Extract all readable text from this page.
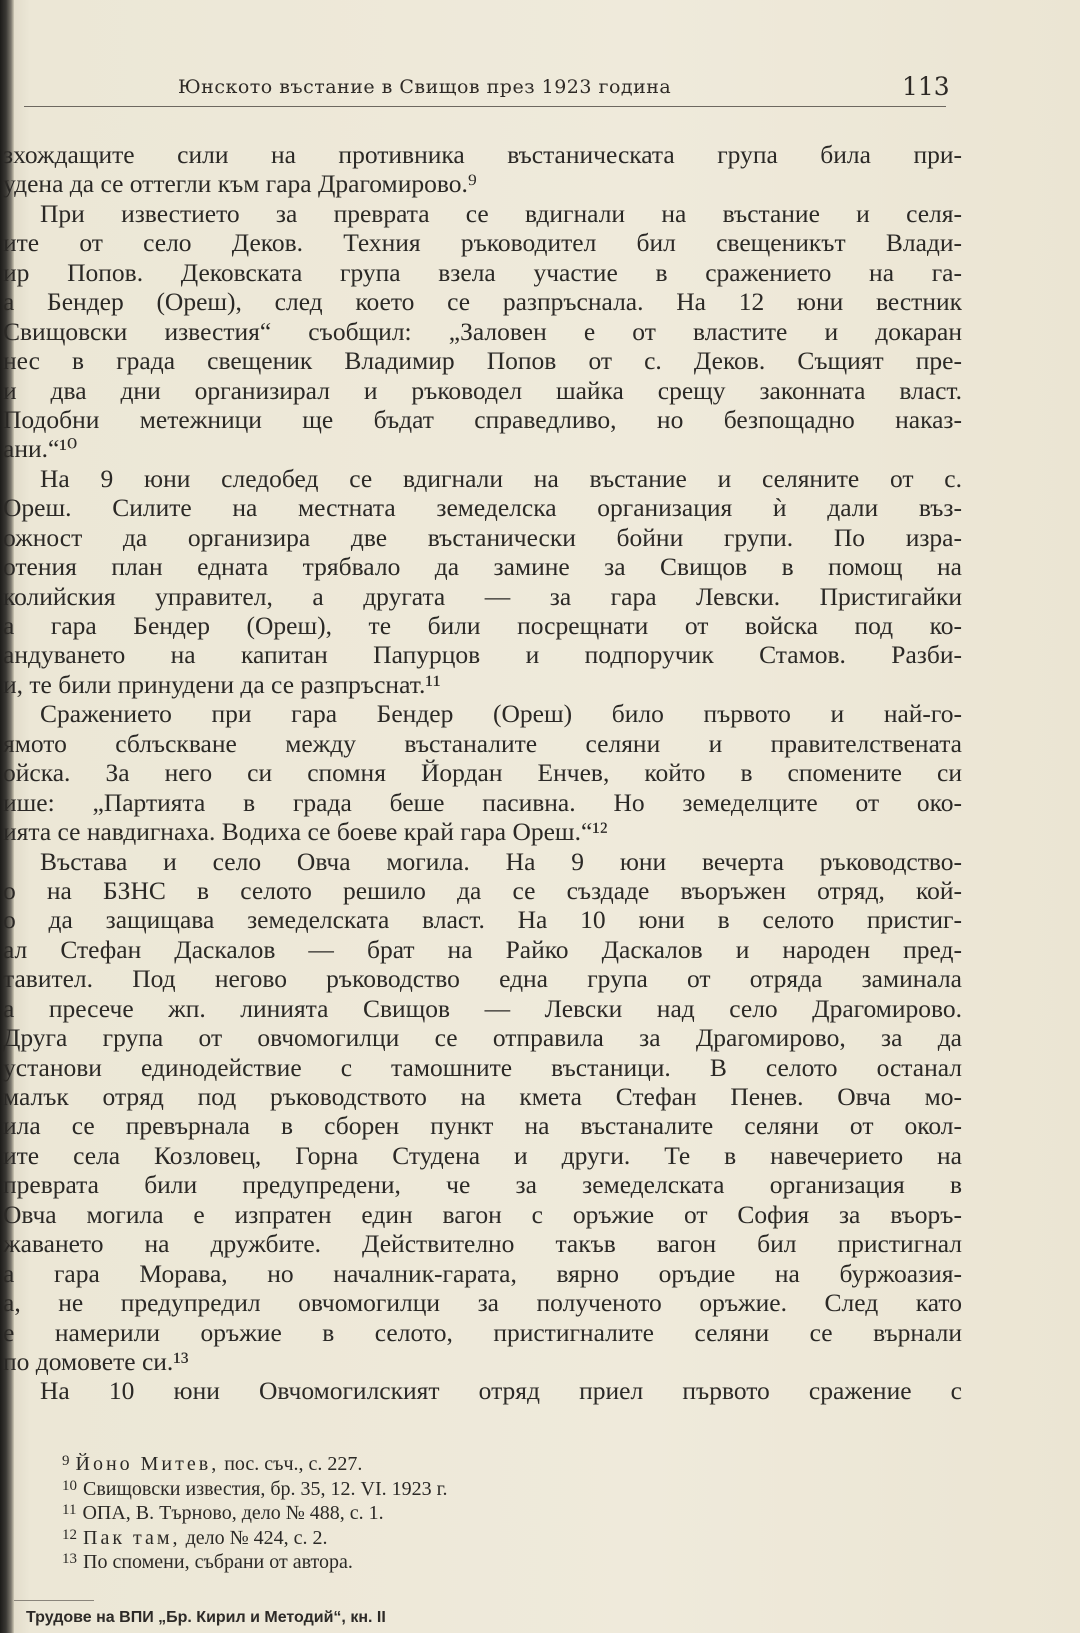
Юнското въстание в Свищов през 1923 година	113
зхождащите сили на противника въстаническата група била при-
удена да се оттегли към гара Драгомирово.⁹
При известието за преврата се вдигнали на въстание и селя-
ите от село Деков. Техния ръководител бил свещеникът Влади-
ир Попов. Дековската група взела участие в сражението на га-
а Бендер (Ореш), след което се разпръснала. На 12 юни вестник
Свищовски известия“ съобщил: „Заловен е от властите и докаран
нес в града свещеник Владимир Попов от с. Деков. Същият пре-
и два дни организирал и ръководел шайка срещу законната власт.
Подобни метежници ще бъдат справедливо, но безпощадно наказ-
ани.“¹⁰
На 9 юни следобед се вдигнали на въстание и селяните от с.
Ореш. Силите на местната земеделска организация ѝ дали въз-
ожност да организира две въстанически бойни групи. По изра-
отения план едната трябвало да замине за Свищов в помощ на
колийския управител, а другата — за гара Левски. Пристигайки
а гара Бендер (Ореш), те били посрещнати от войска под ко-
андуването на капитан Папурцов и подпоручик Стамов. Разби-
и, те били принудени да се разпръснат.¹¹
Сражението при гара Бендер (Ореш) било първото и най-го-
ямото сблъскване между въстаналите селяни и правителствената
ойска. За него си спомня Йордан Енчев, който в спомените си
ише: „Партията в града беше пасивна. Но земеделците от око-
ията се навдигнаха. Водиха се боеве край гара Ореш.“¹²
Въстава и село Овча могила. На 9 юни вечерта ръководство-
о на БЗНС в селото решило да се създаде въоръжен отряд, кой-
о да защищава земеделската власт. На 10 юни в селото пристиг-
ал Стефан Даскалов — брат на Райко Даскалов и народен пред-
тавител. Под негово ръководство една група от отряда заминала
а пресече жп. линията Свищов — Левски над село Драгомирово.
Друга група от овчомогилци се отправила за Драгомирово, за да
установи единодействие с тамошните въстаници. В селото останал
малък отряд под ръководството на кмета Стефан Пенев. Овча мо-
ила се превърнала в сборен пункт на въстаналите селяни от окол-
ите села Козловец, Горна Студена и други. Те в навечерието на
преврата били предупредени, че за земеделската организация в
Овча могила е изпратен един вагон с оръжие от София за въоръ-
жаването на дружбите. Действително такъв вагон бил пристигнал
а гара Морава, но началник-гарата, вярно оръдие на буржоазия-
а, не предупредил овчомогилци за полученото оръжие. След като
е намерили оръжие в селото, пристигналите селяни се върнали
по домовете си.¹³
На 10 юни Овчомогилският отряд приел първото сражение с
$^9$ Йоно Митев, пос. съч., с. 227.
$^{10}$ Свищовски известия, бр. 35, 12. VI. 1923 г.
$^{11}$ ОПА, В. Търново, дело № 488, с. 1.
$^{12}$ Пак там, дело № 424, с. 2.
$^{13}$ По спомени, събрани от автора.
Трудове на ВПИ „Бр. Кирил и Методий“, кн. II
